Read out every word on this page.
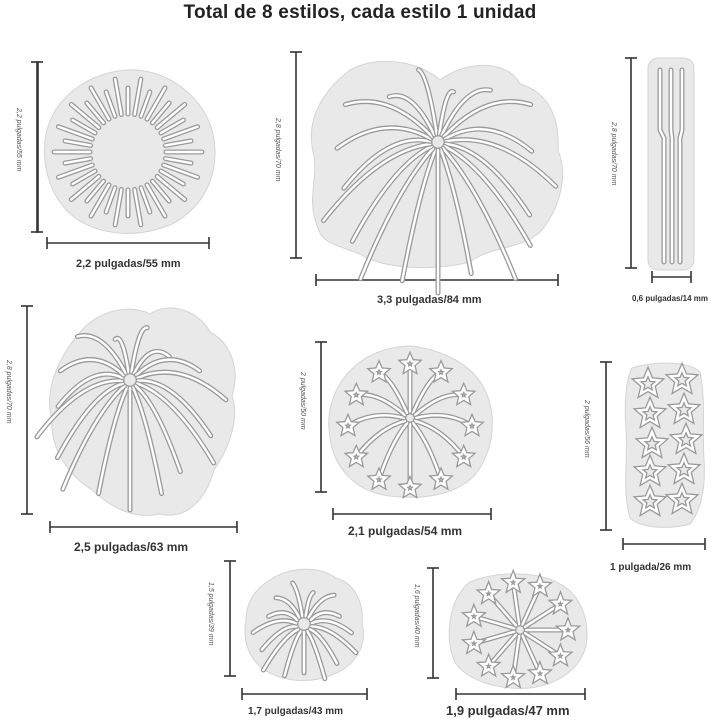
Total de 8 estilos, cada estilo 1 unidad
2,2 pulgadas/55 mm
2,2 pulgadas/55 mm
2,8 pulgadas/70 mm
3,3 pulgadas/84 mm
2,8 pulgadas/70 mm
0,6 pulgadas/14 mm
2,8 pulgadas/70 mm
2,5 pulgadas/63 mm
2 pulgadas/50 mm
2,1 pulgadas/54 mm
2 pulgadas/56 mm
1 pulgada/26 mm
1,5 pulgadas/39 mm
1,7 pulgadas/43 mm
1,6 pulgadas/40 mm
1,9 pulgadas/47 mm
